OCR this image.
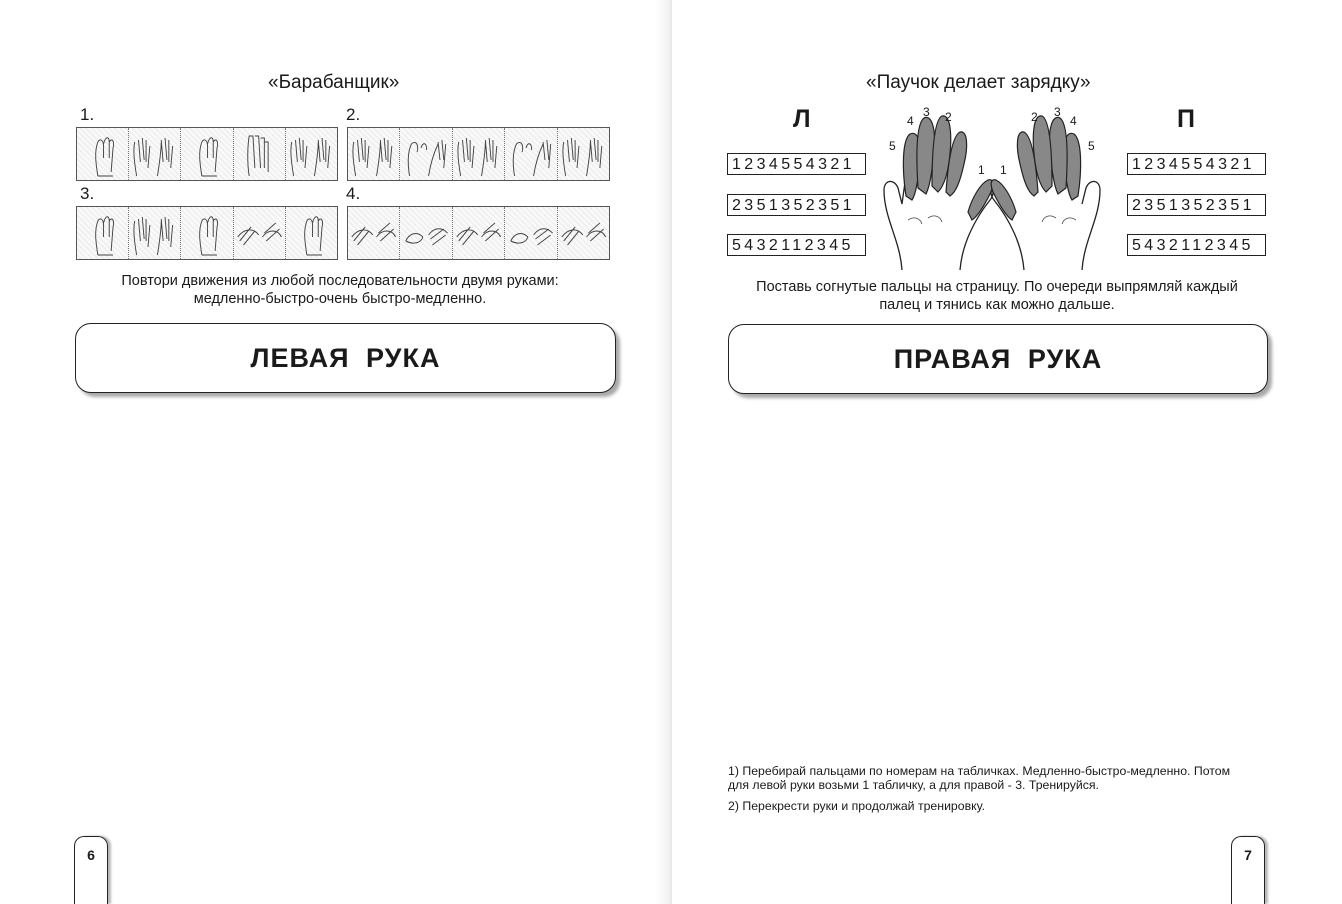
«Барабанщик»
1.	2.
3.	4.
Повтори движения из любой последовательности двумя руками:
медленно-быстро-очень быстро-медленно.
ЛЕВАЯ РУКА
6
«Паучок делает зарядку»
Л	П
1234554321
2351352351
5432112345
1234554321
2351352351
5432112345
5
4
3 2
1 1
2 3
4
5
Поставь согнутые пальцы на страницу. По очереди выпрямляй каждый
палец и тянись как можно дальше.
ПРАВАЯ РУКА
1) Перебирай пальцами по номерам на табличках. Медленно-быстро-медленно. Потом
для левой руки возьми 1 табличку, а для правой - 3. Тренируйся.
2) Перекрести руки и продолжай тренировку.
7
